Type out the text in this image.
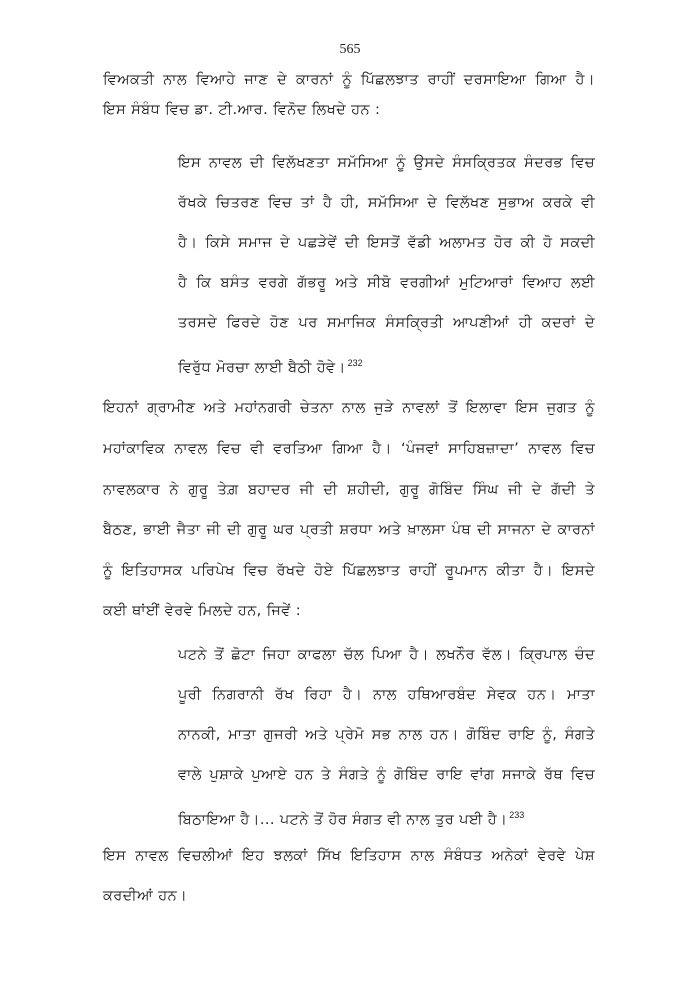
565
ਵਿਅਕਤੀ ਨਾਲ ਵਿਆਹੇ ਜਾਣ ਦੇ ਕਾਰਨਾਂ ਨੂੰ ਪਿੱਛਲਝਾਤ ਰਾਹੀਂ ਦਰਸਾਇਆ ਗਿਆ ਹੈ।
ਇਸ ਸੰਬੰਧ ਵਿਚ ਡਾ. ਟੀ.ਆਰ. ਵਿਨੋਦ ਲਿਖਦੇ ਹਨ :
ਇਸ ਨਾਵਲ ਦੀ ਵਿਲੱਖਣਤਾ ਸਮੱਸਿਆ ਨੂੰ ਉਸਦੇ ਸੰਸਕ੍ਰਿਤਕ ਸੰਦਰਭ ਵਿਚ
ਰੱਖਕੇ ਚਿਤਰਣ ਵਿਚ ਤਾਂ ਹੈ ਹੀ, ਸਮੱਸਿਆ ਦੇ ਵਿਲੱਖਣ ਸੁਭਾਅ ਕਰਕੇ ਵੀ
ਹੈ। ਕਿਸੇ ਸਮਾਜ ਦੇ ਪਛੜੇਵੇਂ ਦੀ ਇਸਤੋਂ ਵੱਡੀ ਅਲਾਮਤ ਹੋਰ ਕੀ ਹੋ ਸਕਦੀ
ਹੈ ਕਿ ਬਸੰਤ ਵਰਗੇ ਗੱਭਰੂ ਅਤੇ ਸੀਬੋ ਵਰਗੀਆਂ ਮੁਟਿਆਰਾਂ ਵਿਆਹ ਲਈ
ਤਰਸਦੇ ਫਿਰਦੇ ਹੋਣ ਪਰ ਸਮਾਜਿਕ ਸੰਸਕ੍ਰਿਤੀ ਆਪਣੀਆਂ ਹੀ ਕਦਰਾਂ ਦੇ
ਵਿਰੁੱਧ ਮੋਰਚਾ ਲਾਈ ਬੈਠੀ ਹੋਵੇ। $^{232}$
ਇਹਨਾਂ ਗ੍ਰਾਮੀਣ ਅਤੇ ਮਹਾਂਨਗਰੀ ਚੇਤਨਾ ਨਾਲ ਜੁੜੇ ਨਾਵਲਾਂ ਤੋਂ ਇਲਾਵਾ ਇਸ ਜੁਗਤ ਨੂੰ
ਮਹਾਂਕਾਵਿਕ ਨਾਵਲ ਵਿਚ ਵੀ ਵਰਤਿਆ ਗਿਆ ਹੈ। ‘ਪੰਜਵਾਂ ਸਾਹਿਬਜ਼ਾਦਾ’ ਨਾਵਲ ਵਿਚ
ਨਾਵਲਕਾਰ ਨੇ ਗੁਰੂ ਤੇਗ਼ ਬਹਾਦਰ ਜੀ ਦੀ ਸ਼ਹੀਦੀ, ਗੁਰੂ ਗੋਬਿੰਦ ਸਿੰਘ ਜੀ ਦੇ ਗੱਦੀ ਤੇ
ਬੈਠਣ, ਭਾਈ ਜੈਤਾ ਜੀ ਦੀ ਗੁਰੂ ਘਰ ਪ੍ਰਤੀ ਸ਼ਰਧਾ ਅਤੇ ਖ਼ਾਲਸਾ ਪੰਥ ਦੀ ਸਾਜਨਾ ਦੇ ਕਾਰਨਾਂ
ਨੂੰ ਇਤਿਹਾਸਕ ਪਰਿਪੇਖ ਵਿਚ ਰੱਖਦੇ ਹੋਏ ਪਿੱਛਲਝਾਤ ਰਾਹੀਂ ਰੂਪਮਾਨ ਕੀਤਾ ਹੈ। ਇਸਦੇ
ਕਈ ਥਾਂਈਂ ਵੇਰਵੇ ਮਿਲਦੇ ਹਨ, ਜਿਵੇਂ :
ਪਟਨੇ ਤੋਂ ਛੋਟਾ ਜਿਹਾ ਕਾਫਲਾ ਚੱਲ ਪਿਆ ਹੈ। ਲਖਨੌਰ ਵੱਲ। ਕ੍ਰਿਪਾਲ ਚੰਦ
ਪੂਰੀ ਨਿਗਰਾਨੀ ਰੱਖ ਰਿਹਾ ਹੈ। ਨਾਲ ਹਥਿਆਰਬੰਦ ਸੇਵਕ ਹਨ। ਮਾਤਾ
ਨਾਨਕੀ, ਮਾਤਾ ਗੁਜਰੀ ਅਤੇ ਪ੍ਰੇਮੋ ਸਭ ਨਾਲ ਹਨ। ਗੋਬਿੰਦ ਰਾਇ ਨੂੰ, ਸੰਗਤੇ
ਵਾਲੇ ਪੁਸ਼ਾਕੇ ਪੁਆਏ ਹਨ ਤੇ ਸੰਗਤੇ ਨੂੰ ਗੋਬਿੰਦ ਰਾਇ ਵਾਂਗ ਸਜਾਕੇ ਰੱਥ ਵਿਚ
ਬਿਠਾਇਆ ਹੈ।... ਪਟਨੇ ਤੋਂ ਹੋਰ ਸੰਗਤ ਵੀ ਨਾਲ ਤੁਰ ਪਈ ਹੈ। $^{233}$
ਇਸ ਨਾਵਲ ਵਿਚਲੀਆਂ ਇਹ ਝਲਕਾਂ ਸਿੱਖ ਇਤਿਹਾਸ ਨਾਲ ਸੰਬੰਧਤ ਅਨੇਕਾਂ ਵੇਰਵੇ ਪੇਸ਼
ਕਰਦੀਆਂ ਹਨ।
